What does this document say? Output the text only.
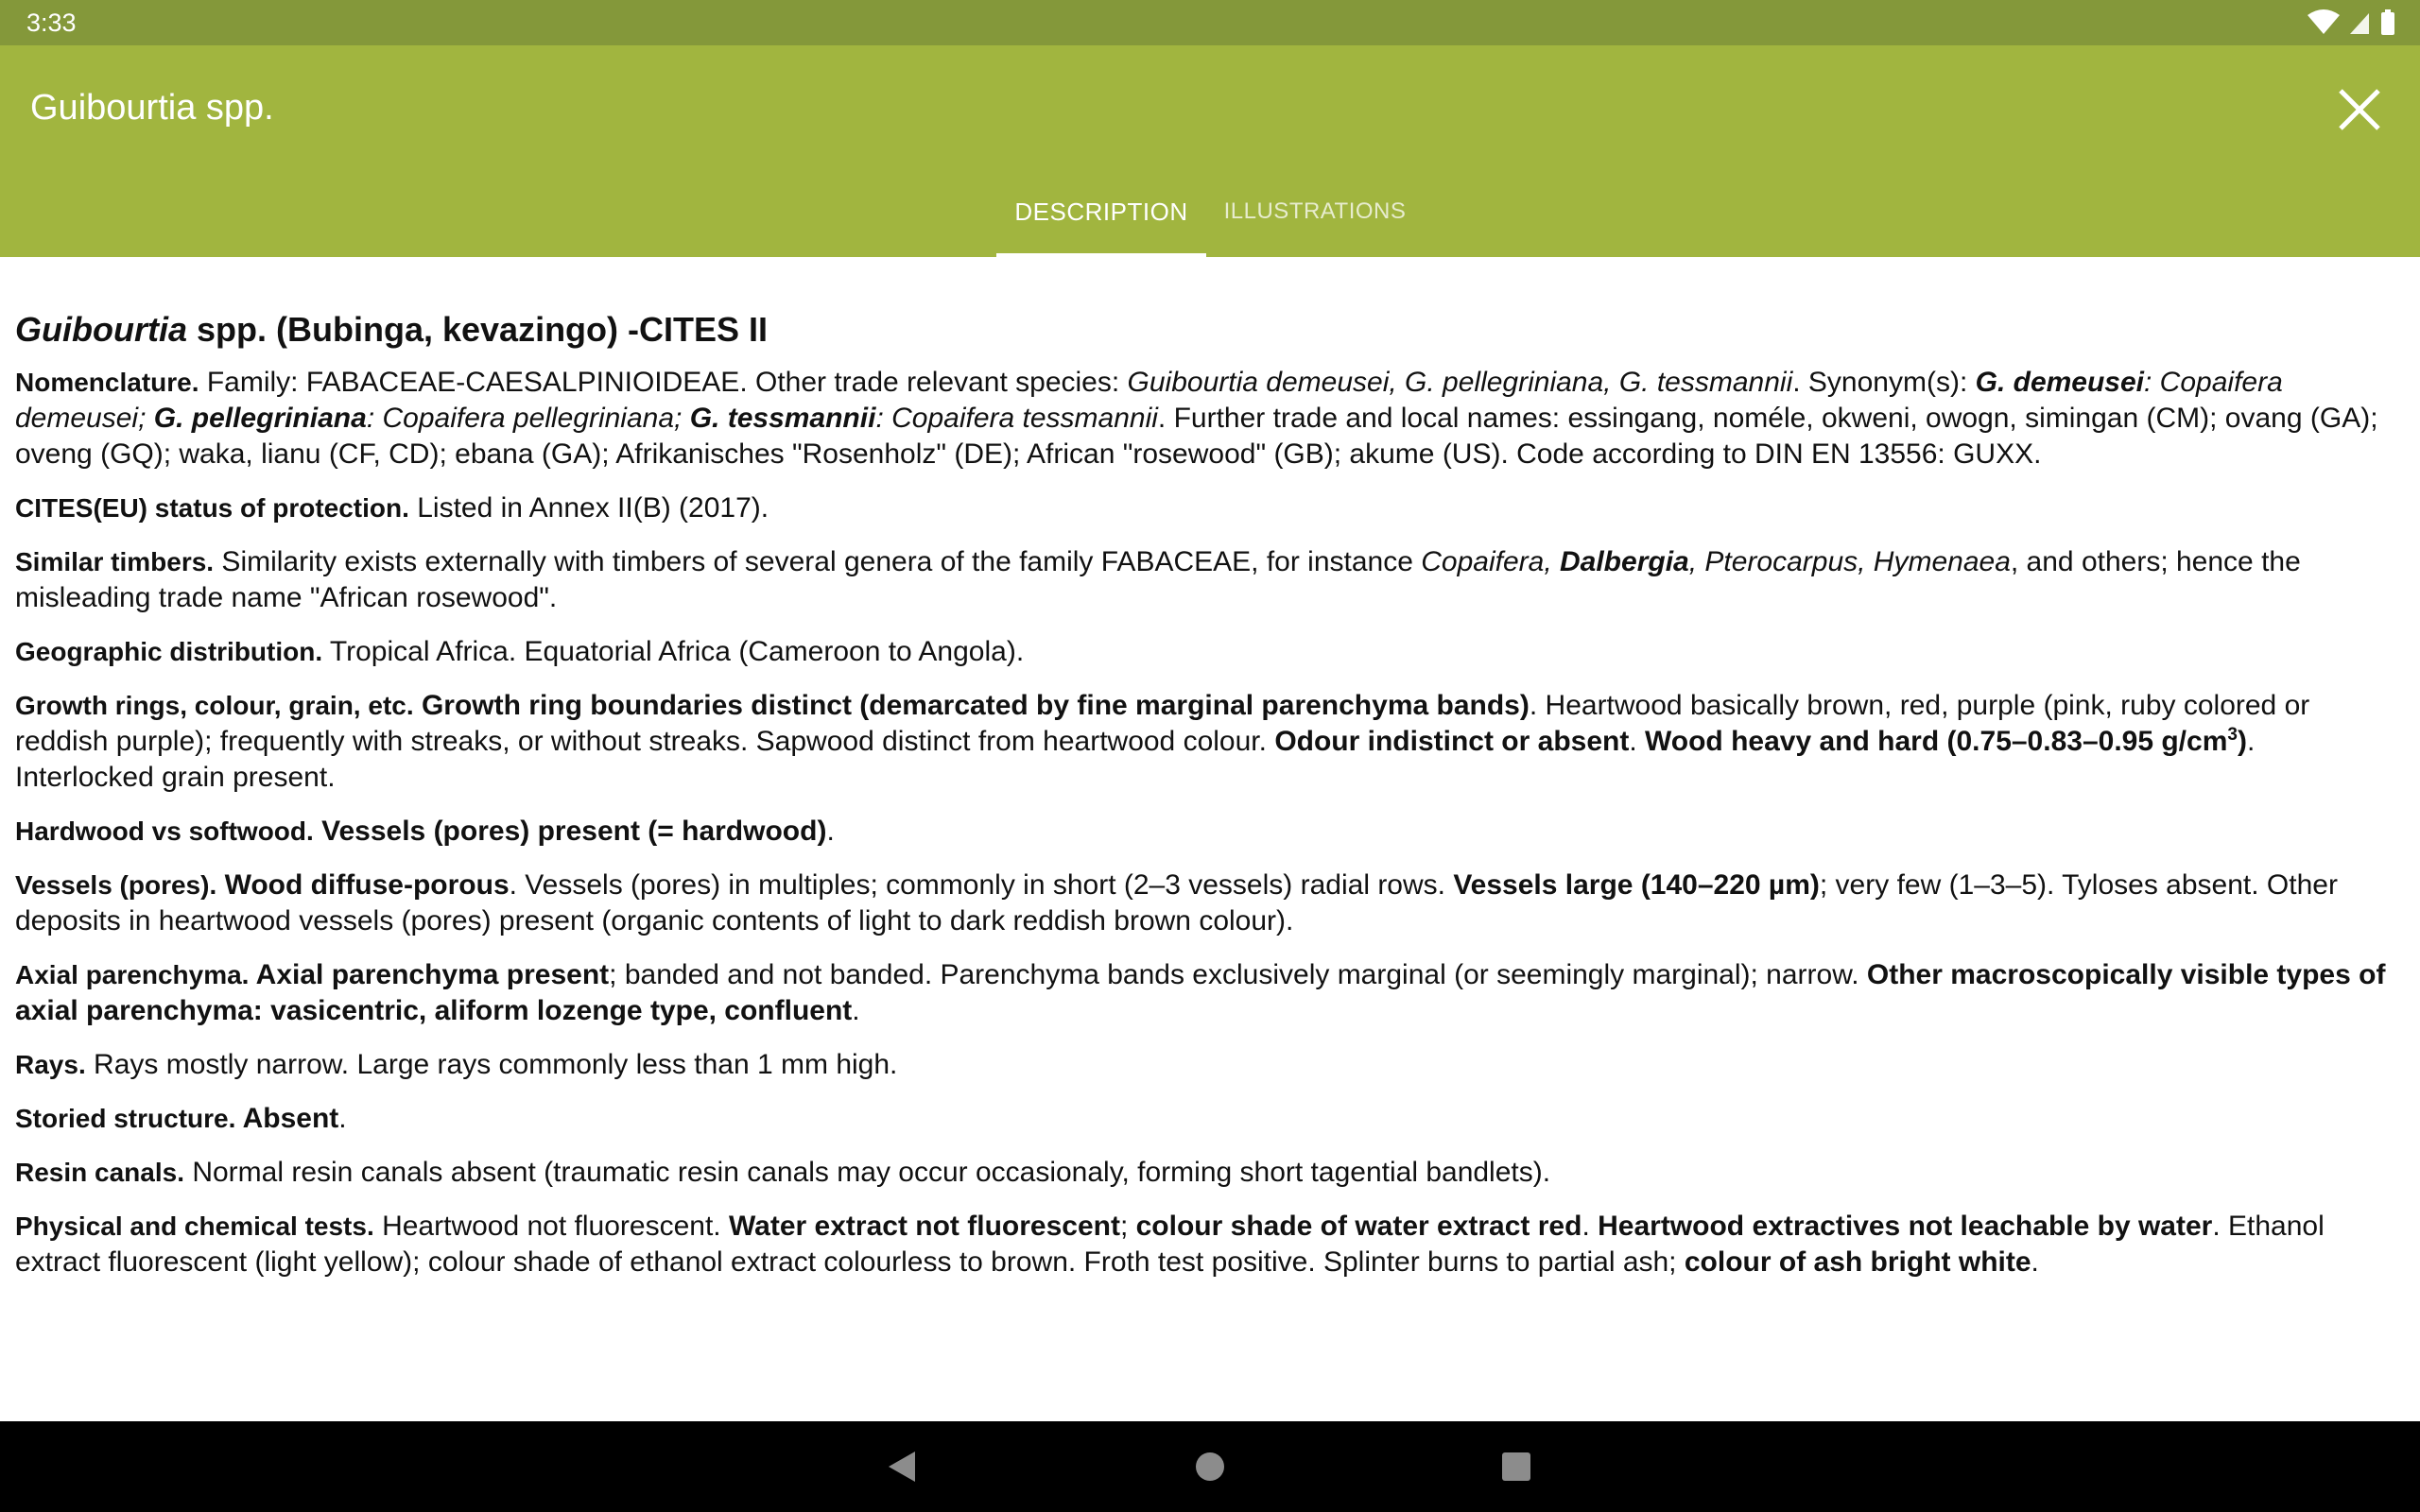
3:33
Guibourtia spp.
DESCRIPTION	ILLUSTRATIONS
Guibourtia spp. (Bubinga, kevazingo) -CITES II

Nomenclature. Family: FABACEAE-CAESALPINIOIDEAE. Other trade relevant species: Guibourtia demeusei, G. pellegriniana, G. tessmannii. Synonym(s): G. demeusei: Copaifera demeusei; G. pellegriniana: Copaifera pellegriniana; G. tessmannii: Copaifera tessmannii. Further trade and local names: essingang, noméle, okweni, owogn, simingan (CM); ovang (GA); oveng (GQ); waka, lianu (CF, CD); ebana (GA); Afrikanisches "Rosenholz" (DE); African "rosewood" (GB); akume (US). Code according to DIN EN 13556: GUXX.

CITES(EU) status of protection. Listed in Annex II(B) (2017).

Similar timbers. Similarity exists externally with timbers of several genera of the family FABACEAE, for instance Copaifera, Dalbergia, Pterocarpus, Hymenaea, and others; hence the misleading trade name "African rosewood".

Geographic distribution. Tropical Africa. Equatorial Africa (Cameroon to Angola).

Growth rings, colour, grain, etc. Growth ring boundaries distinct (demarcated by fine marginal parenchyma bands). Heartwood basically brown, red, purple (pink, ruby colored or reddish purple); frequently with streaks, or without streaks. Sapwood distinct from heartwood colour. Odour indistinct or absent. Wood heavy and hard (0.75–0.83–0.95 $g/cm^3$). Interlocked grain present.

Hardwood vs softwood. Vessels (pores) present (= hardwood).

Vessels (pores). Wood diffuse-porous. Vessels (pores) in multiples; commonly in short (2–3 vessels) radial rows. Vessels large (140–220 µm); very few (1–3–5). Tyloses absent. Other deposits in heartwood vessels (pores) present (organic contents of light to dark reddish brown colour).

Axial parenchyma. Axial parenchyma present; banded and not banded. Parenchyma bands exclusively marginal (or seemingly marginal); narrow. Other macroscopically visible types of axial parenchyma: vasicentric, aliform lozenge type, confluent.

Rays. Rays mostly narrow. Large rays commonly less than 1 mm high.

Storied structure. Absent.

Resin canals. Normal resin canals absent (traumatic resin canals may occur occasionaly, forming short tagential bandlets).

Physical and chemical tests. Heartwood not fluorescent. Water extract not fluorescent; colour shade of water extract red. Heartwood extractives not leachable by water. Ethanol extract fluorescent (light yellow); colour shade of ethanol extract colourless to brown. Froth test positive. Splinter burns to partial ash; colour of ash bright white.
